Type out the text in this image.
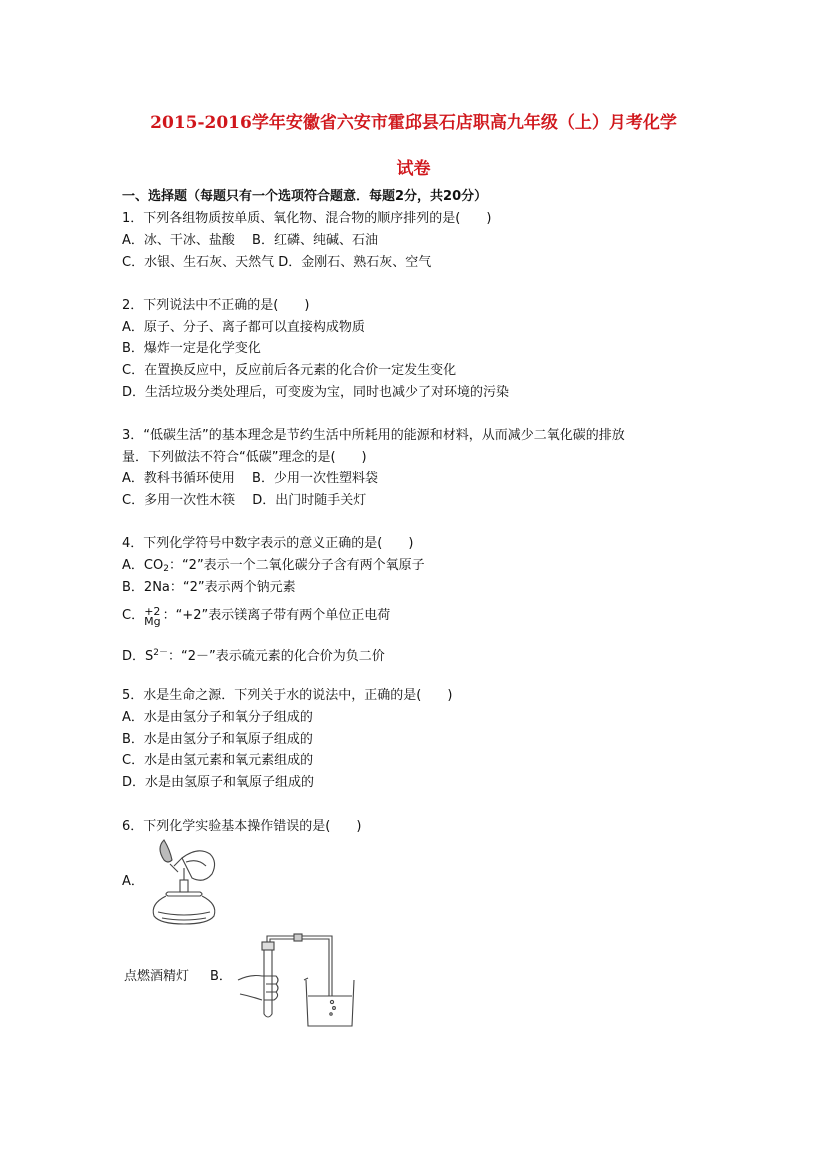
2015-2016学年安徽省六安市霍邱县石店职高九年级（上）月考化学
试卷
一、选择题（每题只有一个选项符合题意．每题2分，共20分）
1．下列各组物质按单质、氧化物、混合物的顺序排列的是(　　)
A．冰、干冰、盐酸　 B．红磷、纯碱、石油
C．水银、生石灰、天然气 D．金刚石、熟石灰、空气
2．下列说法中不正确的是(　　)
A．原子、分子、离子都可以直接构成物质
B．爆炸一定是化学变化
C．在置换反应中，反应前后各元素的化合价一定发生变化
D．生活垃圾分类处理后，可变废为宝，同时也减少了对环境的污染
3．“低碳生活”的基本理念是节约生活中所耗用的能源和材料，从而减少二氧化碳的排放
量．下列做法不符合“低碳”理念的是(　　)
A．教科书循环使用　 B．少用一次性塑料袋
C．多用一次性木筷　 D．出门时随手关灯
4．下列化学符号中数字表示的意义正确的是(　　)
A．$CO_2$：“2”表示一个二氧化碳分子含有两个氧原子
B．2Na：“2”表示两个钠元素
C． +2
Mg ：“+2”表示镁离子带有两个单位正电荷
D．$S^{2-}$：“2－”表示硫元素的化合价为负二价
5．水是生命之源．下列关于水的说法中，正确的是(　　)
A．水是由氢分子和氧分子组成的
B．水是由氢分子和氧原子组成的
C．水是由氢元素和氧元素组成的
D．水是由氢原子和氧原子组成的
6．下列化学实验基本操作错误的是(　　)
A．
点燃酒精灯 B．
